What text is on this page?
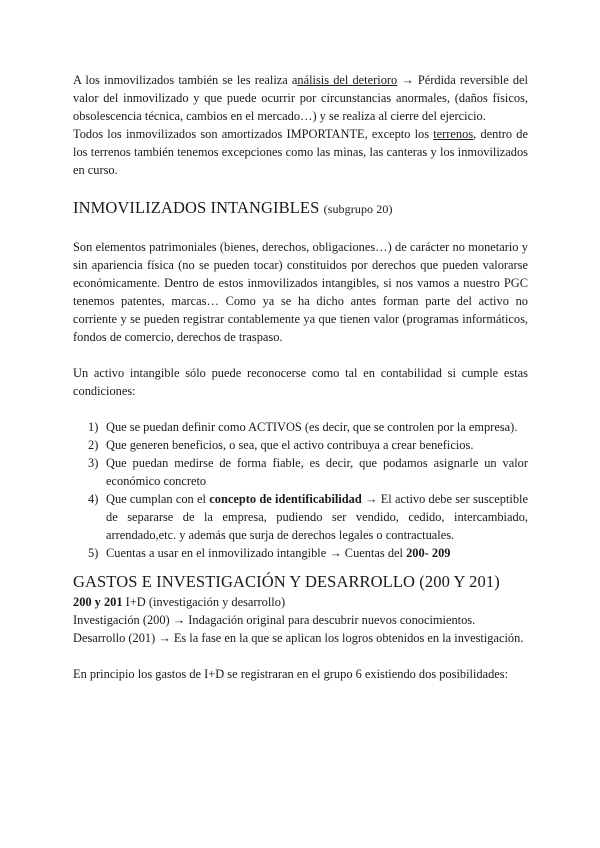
A los inmovilizados también se les realiza análisis del deterioro → Pérdida reversible del valor del inmovilizado y que puede ocurrir por circunstancias anormales, (daños físicos, obsolescencia técnica, cambios en el mercado…) y se realiza al cierre del ejercicio.

Todos los inmovilizados son amortizados IMPORTANTE, excepto los terrenos, dentro de los terrenos también tenemos excepciones como las minas, las canteras y los inmovilizados en curso.

INMOVILIZADOS INTANGIBLES (subgrupo 20)

Son elementos patrimoniales (bienes, derechos, obligaciones…) de carácter no monetario y sin apariencia física (no se pueden tocar) constituidos por derechos que pueden valorarse económicamente. Dentro de estos inmovilizados intangibles, si nos vamos a nuestro PGC tenemos patentes, marcas… Como ya se ha dicho antes forman parte del activo no corriente y se pueden registrar contablemente ya que tienen valor (programas informáticos, fondos de comercio, derechos de traspaso.

Un activo intangible sólo puede reconocerse como tal en contabilidad si cumple estas condiciones:

1) Que se puedan definir como ACTIVOS (es decir, que se controlen por la empresa).
2) Que generen beneficios, o sea, que el activo contribuya a crear beneficios.
3) Que puedan medirse de forma fiable, es decir, que podamos asignarle un valor económico concreto
4) Que cumplan con el concepto de identificabilidad → El activo debe ser susceptible de separarse de la empresa, pudiendo ser vendido, cedido, intercambiado, arrendado,etc. y además que surja de derechos legales o contractuales.
5) Cuentas a usar en el inmovilizado intangible → Cuentas del 200- 209
GASTOS E INVESTIGACIÓN Y DESARROLLO (200 Y 201)

200 y 201 I+D (investigación y desarrollo)

Investigación (200) → Indagación original para descubrir nuevos conocimientos.

Desarrollo (201) → Es la fase en la que se aplican los logros obtenidos en la investigación.

En principio los gastos de I+D se registraran en el grupo 6 existiendo dos posibilidades:
